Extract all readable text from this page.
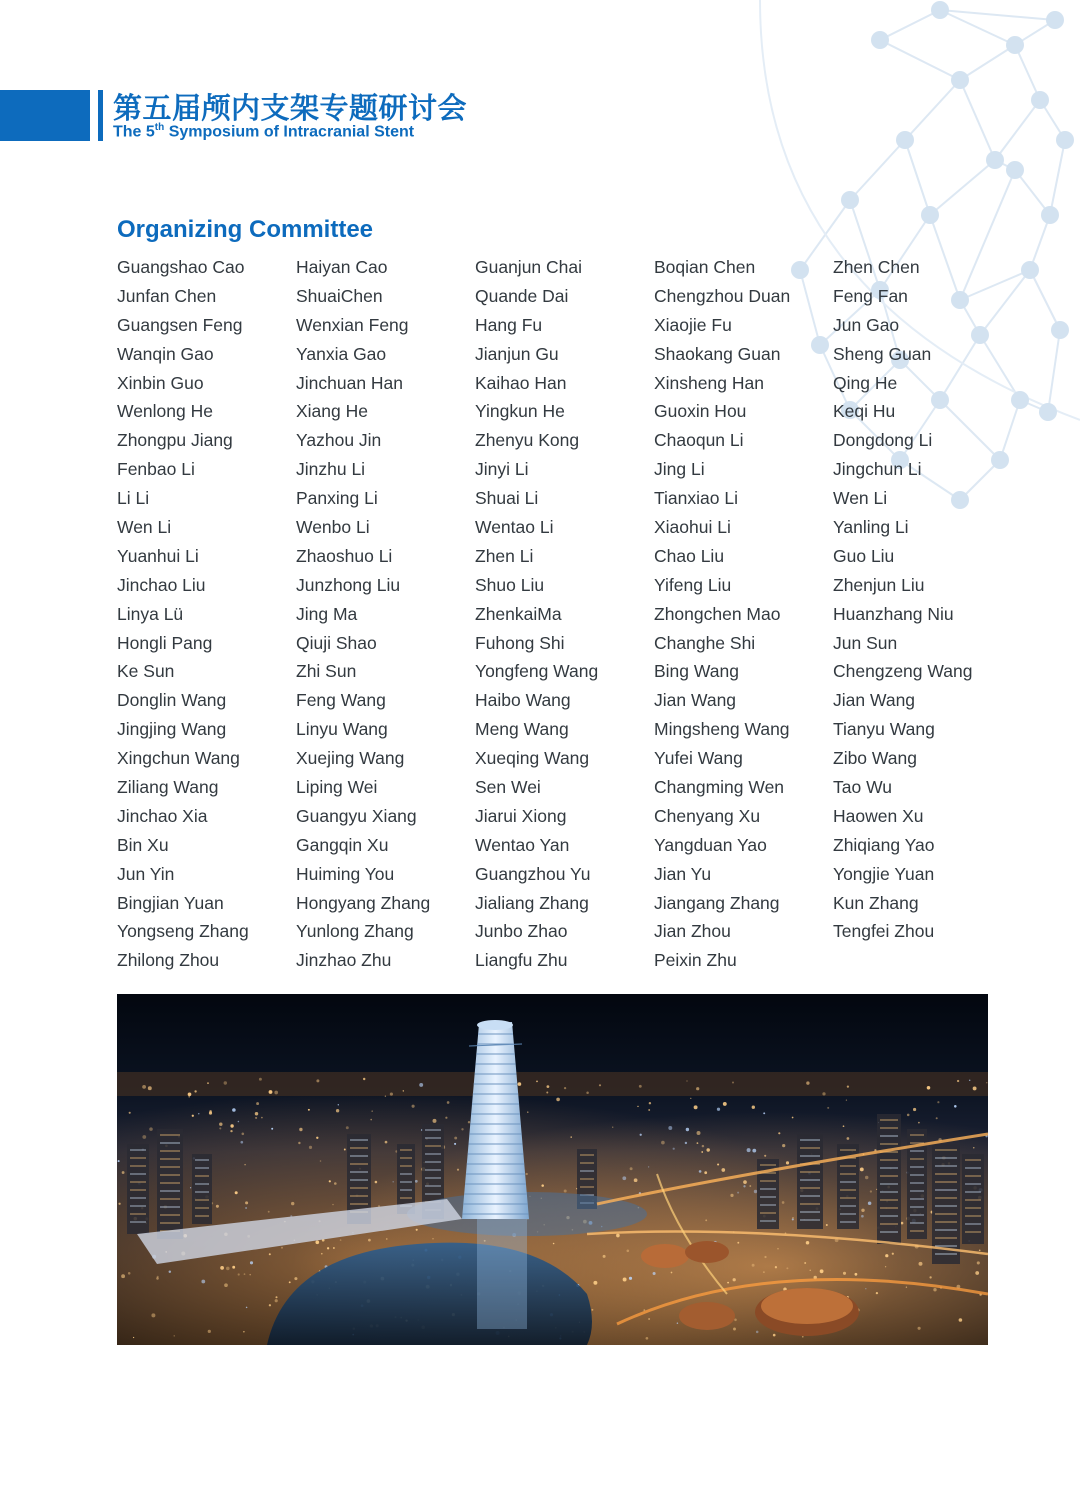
第五届颅内支架专题研讨会

The 5th Symposium of Intracranial Stent

Organizing Committee
Guangshao Cao	Haiyan Cao	Guanjun Chai	Boqian Chen	Zhen Chen
Junfan Chen	ShuaiChen	Quande Dai	Chengzhou Duan	Feng Fan
Guangsen Feng	Wenxian Feng	Hang Fu	Xiaojie Fu	Jun Gao
Wanqin Gao	Yanxia Gao	Jianjun Gu	Shaokang Guan	Sheng Guan
Xinbin Guo	Jinchuan Han	Kaihao Han	Xinsheng Han	Qing He
Wenlong He	Xiang He	Yingkun He	Guoxin Hou	Keqi Hu
Zhongpu Jiang	Yazhou Jin	Zhenyu Kong	Chaoqun Li	Dongdong Li
Fenbao Li	Jinzhu Li	Jinyi Li	Jing Li	Jingchun Li
Li Li	Panxing Li	Shuai Li	Tianxiao Li	Wen Li
Wen Li	Wenbo Li	Wentao Li	Xiaohui Li	Yanling Li
Yuanhui Li	Zhaoshuo Li	Zhen Li	Chao Liu	Guo Liu
Jinchao Liu	Junzhong Liu	Shuo Liu	Yifeng Liu	Zhenjun Liu
Linya Lü	Jing Ma	ZhenkaiMa	Zhongchen Mao	Huanzhang Niu
Hongli Pang	Qiuji Shao	Fuhong Shi	Changhe Shi	Jun Sun
Ke Sun	Zhi Sun	Yongfeng Wang	Bing Wang	Chengzeng Wang
Donglin Wang	Feng Wang	Haibo Wang	Jian Wang	Jian Wang
Jingjing Wang	Linyu Wang	Meng Wang	Mingsheng Wang	Tianyu Wang
Xingchun Wang	Xuejing Wang	Xueqing Wang	Yufei Wang	Zibo Wang
Ziliang Wang	Liping Wei	Sen Wei	Changming Wen	Tao Wu
Jinchao Xia	Guangyu Xiang	Jiarui Xiong	Chenyang Xu	Haowen Xu
Bin Xu	Gangqin Xu	Wentao Yan	Yangduan Yao	Zhiqiang Yao
Jun Yin	Huiming You	Guangzhou Yu	Jian Yu	Yongjie Yuan
Bingjian Yuan	Hongyang Zhang	Jialiang Zhang	Jiangang Zhang	Kun Zhang
Yongseng Zhang	Yunlong Zhang	Junbo Zhao	Jian Zhou	Tengfei Zhou
Zhilong Zhou	Jinzhao Zhu	Liangfu Zhu	Peixin Zhu
